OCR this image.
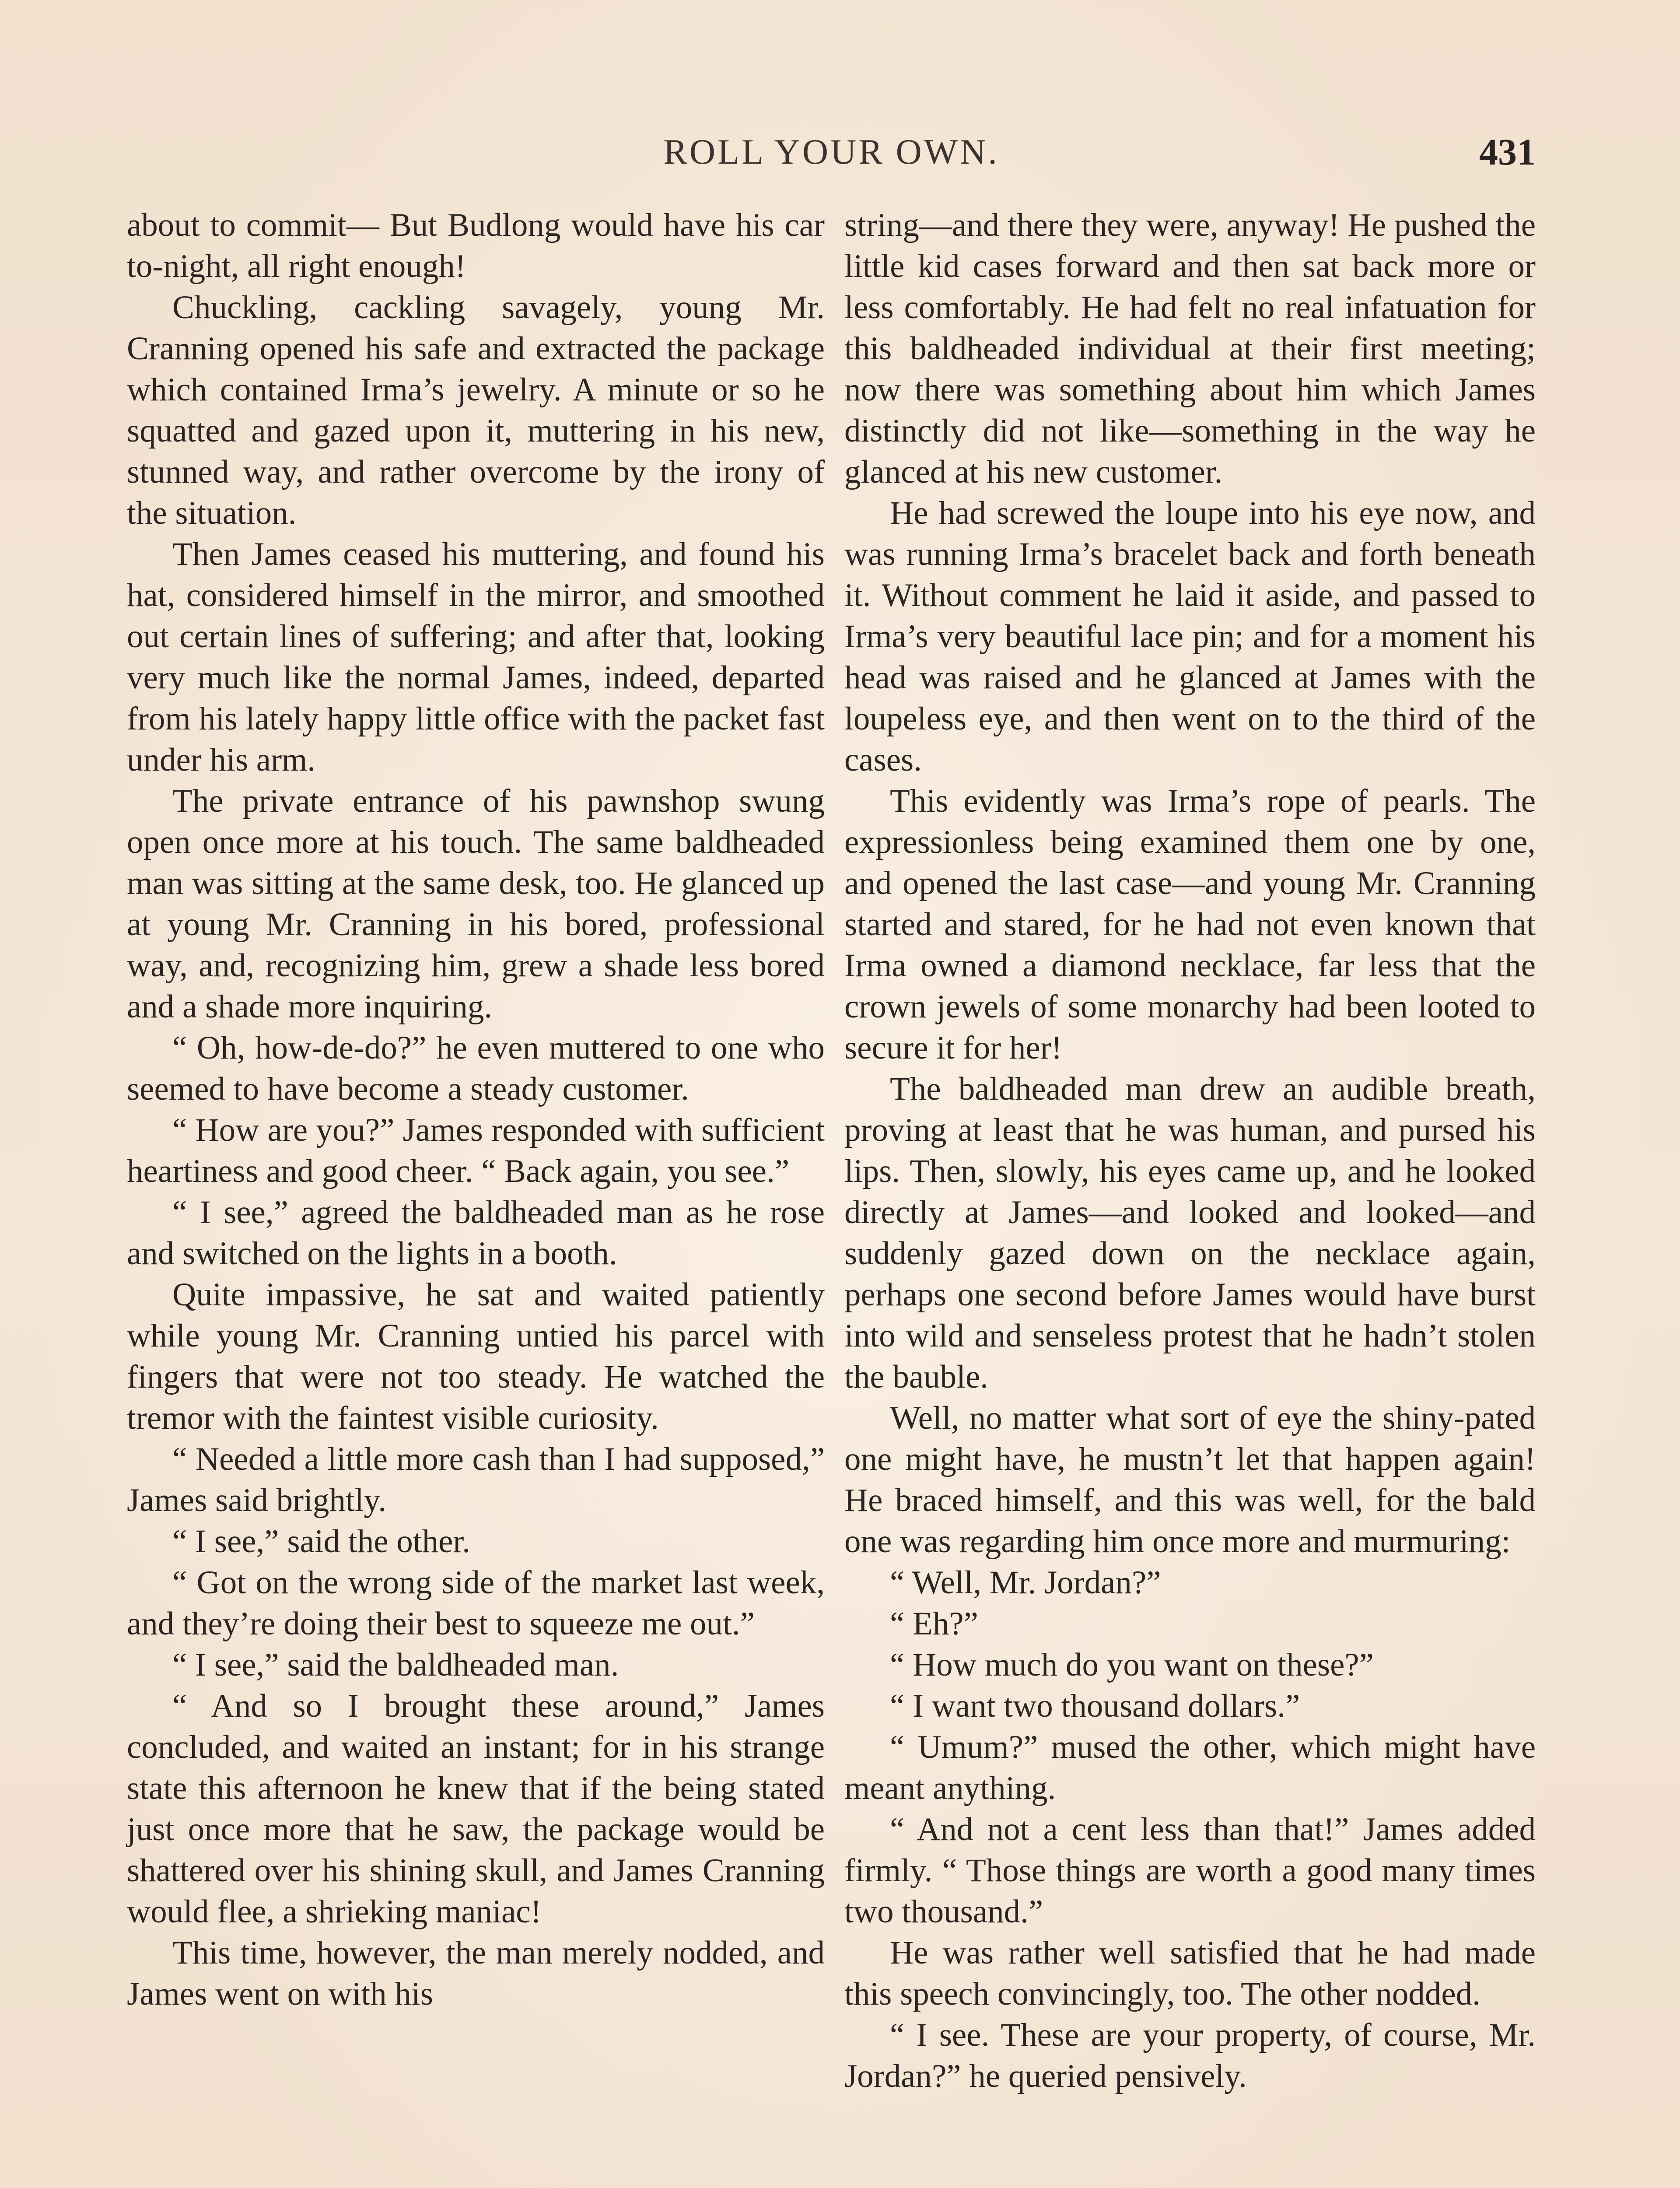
ROLL YOUR OWN.	431

about to commit— But Budlong would have his car to-night, all right enough!

Chuckling, cackling savagely, young Mr. Cranning opened his safe and extracted the package which contained Irma’s jewelry. A minute or so he squatted and gazed upon it, muttering in his new, stunned way, and rather overcome by the irony of the situation.

Then James ceased his muttering, and found his hat, considered himself in the mirror, and smoothed out certain lines of suffering; and after that, looking very much like the normal James, indeed, departed from his lately happy little office with the packet fast under his arm.

The private entrance of his pawnshop swung open once more at his touch. The same baldheaded man was sitting at the same desk, too. He glanced up at young Mr. Cranning in his bored, professional way, and, recognizing him, grew a shade less bored and a shade more inquiring.

“ Oh, how-de-do?” he even muttered to one who seemed to have become a steady customer.

“ How are you?” James responded with sufficient heartiness and good cheer. “ Back again, you see.”

“ I see,” agreed the baldheaded man as he rose and switched on the lights in a booth.

Quite impassive, he sat and waited patiently while young Mr. Cranning untied his parcel with fingers that were not too steady. He watched the tremor with the faintest visible curiosity.

“ Needed a little more cash than I had supposed,” James said brightly.

“ I see,” said the other.

“ Got on the wrong side of the market last week, and they’re doing their best to squeeze me out.”

“ I see,” said the baldheaded man.

“ And so I brought these around,” James concluded, and waited an instant; for in his strange state this afternoon he knew that if the being stated just once more that he saw, the package would be shattered over his shining skull, and James Cranning would flee, a shrieking maniac!

This time, however, the man merely nodded, and James went on with his

string—and there they were, anyway! He pushed the little kid cases forward and then sat back more or less comfortably. He had felt no real infatuation for this baldheaded individual at their first meeting; now there was something about him which James distinctly did not like—something in the way he glanced at his new customer.

He had screwed the loupe into his eye now, and was running Irma’s bracelet back and forth beneath it. Without comment he laid it aside, and passed to Irma’s very beautiful lace pin; and for a moment his head was raised and he glanced at James with the loupeless eye, and then went on to the third of the cases.

This evidently was Irma’s rope of pearls. The expressionless being examined them one by one, and opened the last case—and young Mr. Cranning started and stared, for he had not even known that Irma owned a diamond necklace, far less that the crown jewels of some monarchy had been looted to secure it for her!

The baldheaded man drew an audible breath, proving at least that he was human, and pursed his lips. Then, slowly, his eyes came up, and he looked directly at James—and looked and looked—and suddenly gazed down on the necklace again, perhaps one second before James would have burst into wild and senseless protest that he hadn’t stolen the bauble.

Well, no matter what sort of eye the shiny-pated one might have, he mustn’t let that happen again! He braced himself, and this was well, for the bald one was regarding him once more and murmuring:

“ Well, Mr. Jordan?”

“ Eh?”

“ How much do you want on these?”

“ I want two thousand dollars.”

“ Umum?” mused the other, which might have meant anything.

“ And not a cent less than that!” James added firmly. “ Those things are worth a good many times two thousand.”

He was rather well satisfied that he had made this speech convincingly, too. The other nodded.

“ I see. These are your property, of course, Mr. Jordan?” he queried pensively.
